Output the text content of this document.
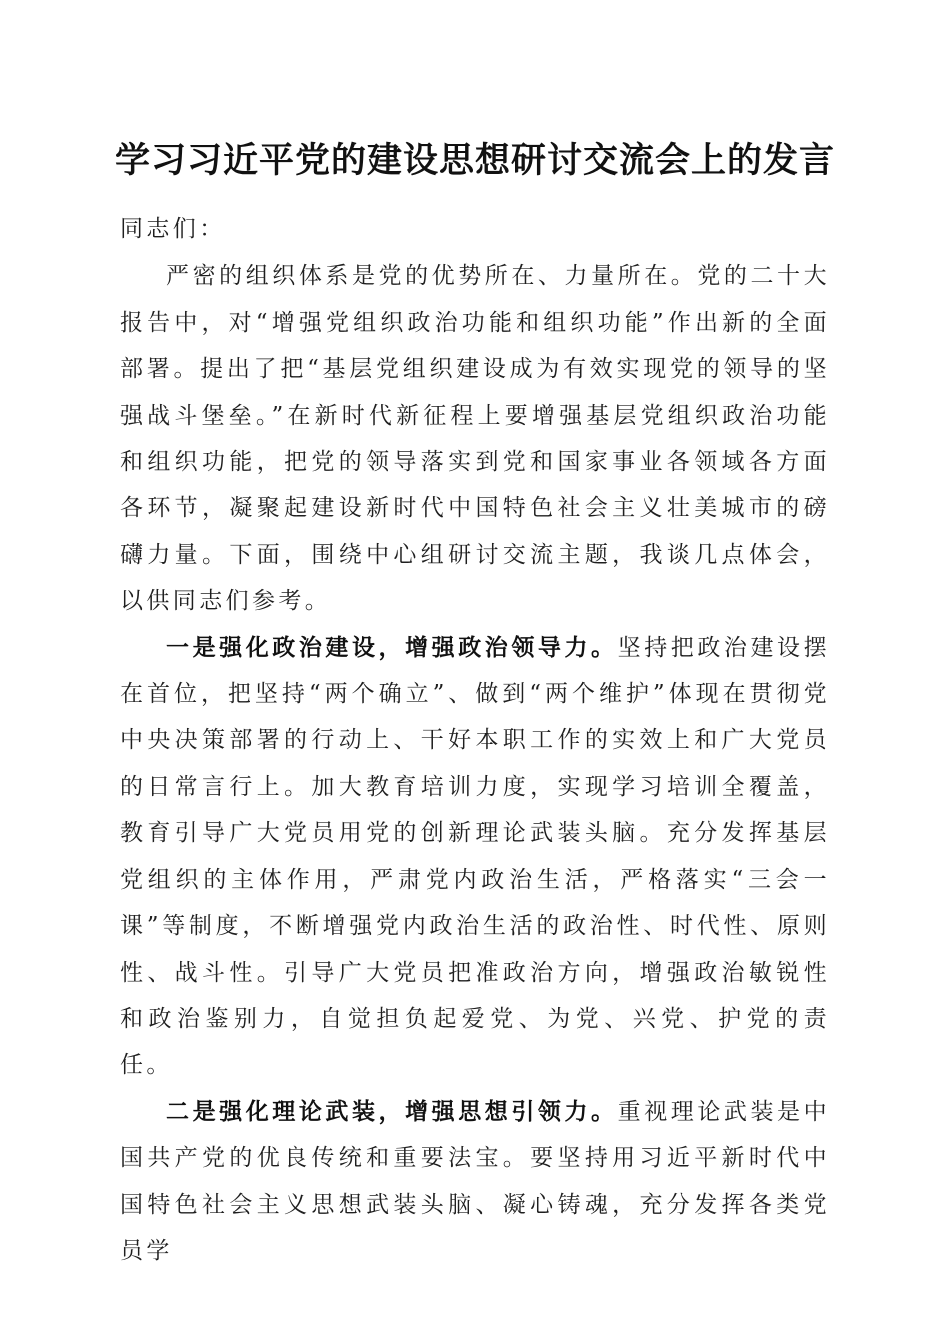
学习习近平党的建设思想研讨交流会上的发言

同志们：

严密的组织体系是党的优势所在、力量所在。党的二十大报告中，对“增强党组织政治功能和组织功能”作出新的全面部署。提出了把“基层党组织建设成为有效实现党的领导的坚强战斗堡垒。”在新时代新征程上要增强基层党组织政治功能和组织功能，把党的领导落实到党和国家事业各领域各方面各环节，凝聚起建设新时代中国特色社会主义壮美城市的磅礴力量。下面，围绕中心组研讨交流主题，我谈几点体会，以供同志们参考。

一是强化政治建设，增强政治领导力。坚持把政治建设摆在首位，把坚持“两个确立”、做到“两个维护”体现在贯彻党中央决策部署的行动上、干好本职工作的实效上和广大党员的日常言行上。加大教育培训力度，实现学习培训全覆盖，教育引导广大党员用党的创新理论武装头脑。充分发挥基层党组织的主体作用，严肃党内政治生活，严格落实“三会一课”等制度，不断增强党内政治生活的政治性、时代性、原则性、战斗性。引导广大党员把准政治方向，增强政治敏锐性和政治鉴别力，自觉担负起爱党、为党、兴党、护党的责任。

二是强化理论武装，增强思想引领力。重视理论武装是中国共产党的优良传统和重要法宝。要坚持用习近平新时代中国特色社会主义思想武装头脑、凝心铸魂，充分发挥各类党员学
